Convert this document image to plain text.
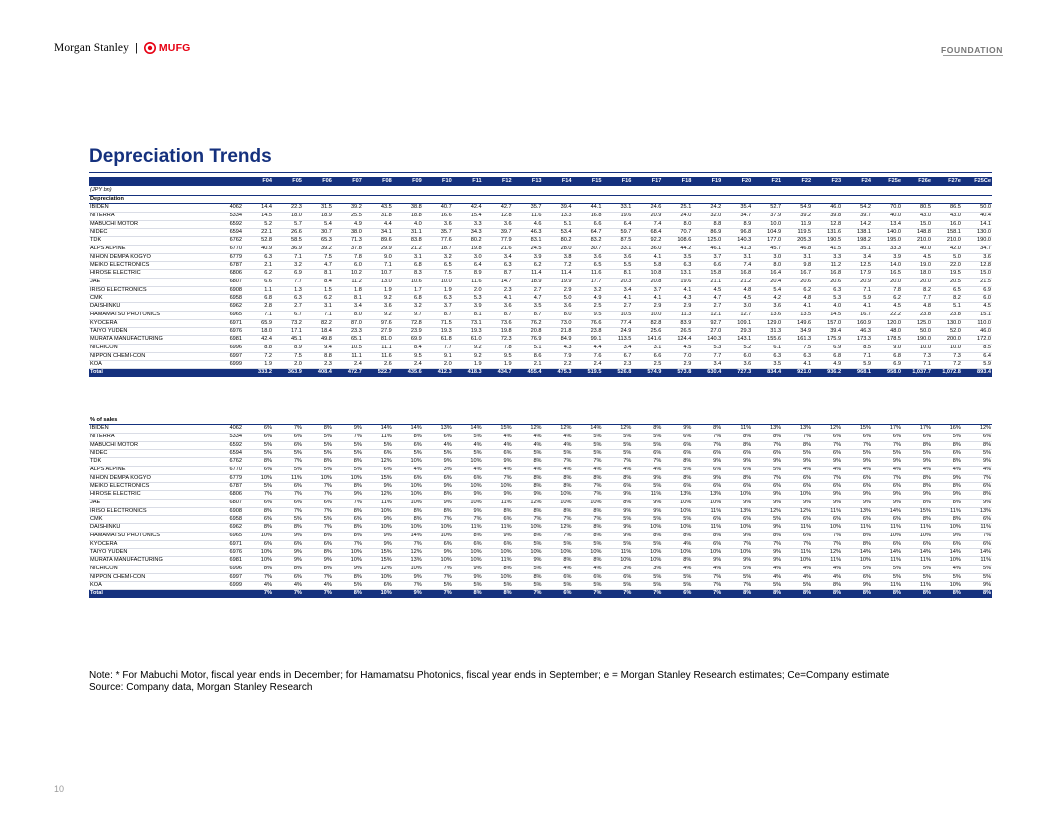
Morgan Stanley | MUFG	FOUNDATION
Depreciation Trends
		F04	F05	F06	F07	F08	F09	F10	F11	F12	F13	F14	F15	F16	F17	F18	F19	F20	F21	F22	F23	F24	F25e	F26e	F27e	F25Ce
(JPY bn)																										
Depreciation																										
IBIDEN	4062	14.4	22.3	31.5	39.2	43.5	38.8	40.7	42.4	42.7	35.7	39.4	44.1	33.1	24.6	25.1	24.2	35.4	52.7	54.9	46.0	54.2	70.0	80.5	86.5	50.0
NITERRA	5334	14.5	18.0	18.9	25.5	31.8	18.8	16.6	15.4	12.8	11.6	13.3	16.8	19.6	20.9	24.0	32.0	34.7	37.9	39.2	39.8	39.7	40.0	43.0	43.0	40.4
MABUCHI MOTOR	6592	5.2	5.7	5.4	4.9	4.4	4.0	3.6	3.3	3.6	4.6	5.1	6.6	6.4	7.4	8.0	8.8	8.9	10.0	11.9	12.8	14.2	13.4	15.0	16.0	14.1
NIDEC	6594	22.1	26.6	30.7	38.0	34.1	31.1	35.7	34.3	39.7	46.3	53.4	64.7	59.7	68.4	70.7	86.9	96.8	104.9	119.5	131.6	138.1	140.0	148.8	158.1	130.0
TDK	6762	52.8	58.5	65.3	71.3	89.6	83.8	77.6	80.2	77.9	83.1	80.2	83.2	87.5	92.2	108.6	125.0	140.3	177.0	205.3	190.5	198.2	195.0	210.0	210.0	190.0
ALPS ALPINE	6770	40.9	36.9	39.2	37.8	29.9	21.2	18.7	19.8	21.6	24.5	28.0	30.7	33.1	36.0	44.2	46.1	41.3	45.7	46.8	41.5	35.1	33.3	40.0	42.0	34.7
NIHON DEMPA KOGYO	6779	6.3	7.1	7.5	7.8	9.0	3.1	3.2	3.0	3.4	3.9	3.8	3.6	3.6	4.1	3.5	3.7	3.1	3.0	3.1	3.3	3.4	3.9	4.5	5.0	3.6
MEIKO ELECTRONICS	6787	2.1	3.2	4.7	6.0	7.1	6.8	6.5	6.4	6.3	6.2	7.2	6.5	5.5	5.8	6.3	6.6	7.4	8.0	9.8	11.2	12.5	14.0	19.0	22.0	12.8
HIROSE ELECTRIC	6806	6.2	6.9	8.1	10.2	10.7	8.3	7.5	8.9	8.7	11.4	11.4	11.6	8.1	10.8	13.1	15.8	16.8	16.4	16.7	16.8	17.9	16.5	18.0	19.5	15.0
JAE	6807	6.6	7.7	8.4	11.2	13.0	10.6	10.0	11.6	14.7	18.9	19.9	17.7	20.3	20.8	19.6	21.1	21.2	20.4	20.6	20.6	20.9	20.0	20.0	20.5	21.5
IRISO ELECTRONICS	6908	1.1	1.3	1.5	1.8	1.9	1.7	1.9	2.0	2.3	2.7	2.9	3.2	3.4	3.7	4.1	4.5	4.8	5.4	6.2	6.3	7.1	7.8	8.2	6.5	6.9
CMK	6958	6.8	6.3	6.2	8.1	9.2	6.8	6.3	5.3	4.1	4.7	5.0	4.9	4.1	4.1	4.3	4.7	4.5	4.2	4.8	5.3	5.9	6.2	7.7	8.2	6.0
DAISHINKU	6962	2.8	2.7	3.1	3.4	3.6	3.2	3.7	3.9	3.6	3.5	3.6	2.5	2.7	2.9	2.9	2.7	3.0	3.6	4.1	4.0	4.1	4.5	4.8	5.1	4.5
HAMAMATSU PHOTONICS	6965	7.1	6.7	7.1	8.0	9.2	9.7	8.7	8.1	8.7	8.7	8.0	9.5	10.5	10.0	11.3	12.1	12.7	13.6	13.5	14.5	16.7	22.2	23.8	23.8	15.1
KYOCERA	6971	65.9	73.2	82.2	87.0	97.6	72.8	71.5	73.1	73.6	76.2	73.0	76.6	77.4	82.8	83.9	92.7	109.1	129.0	149.6	157.0	160.9	120.0	125.0	130.0	110.0
TAIYO YUDEN	6976	18.0	17.1	18.4	23.3	27.9	23.9	19.3	19.3	19.8	20.8	21.8	23.8	24.9	25.6	26.5	27.0	29.3	31.3	34.9	39.4	46.3	48.0	50.0	52.0	46.0
MURATA MANUFACTURING	6981	42.4	45.1	49.8	65.1	81.0	69.9	61.8	61.0	72.3	76.9	84.9	99.1	113.5	141.6	124.4	140.3	143.1	155.6	161.3	175.9	173.3	178.5	190.0	200.0	172.0
NICHICON	6996	8.8	8.9	9.4	10.5	11.1	8.4	7.7	9.2	7.8	5.1	4.3	4.4	3.4	3.1	4.5	5.3	5.2	6.1	7.5	6.9	8.5	9.0	10.0	10.0	8.5
NIPPON CHEMI-CON	6997	7.2	7.5	8.8	11.1	11.6	9.5	9.1	9.2	9.5	8.6	7.9	7.6	6.7	6.6	7.0	7.7	6.0	6.3	6.3	6.8	7.1	6.8	7.3	7.3	6.4
KOA	6999	1.9	2.0	2.3	2.4	2.6	2.4	2.0	1.9	1.9	2.1	2.2	2.4	2.3	2.5	2.9	3.4	3.6	3.5	4.1	4.9	5.9	6.9	7.1	7.2	5.9
Total		333.2	363.9	408.4	472.7	522.7	435.6	412.3	418.3	434.7	455.4	475.3	519.5	526.8	574.9	573.8	630.4	727.3	834.4	921.0	936.2	968.1	958.0	1,037.7	1,072.8	893.4
% of sales																										
IBIDEN	4062	6%	7%	8%	9%	14%	14%	13%	14%	15%	12%	12%	14%	12%	8%	9%	8%	11%	13%	13%	12%	15%	17%	17%	16%	12%
NITERRA	5334	6%	6%	5%	7%	11%	8%	6%	5%	4%	4%	4%	5%	5%	5%	6%	7%	8%	8%	7%	6%	6%	6%	6%	5%	6%
MABUCHI MOTOR	6592	5%	6%	5%	5%	5%	6%	4%	4%	4%	4%	4%	5%	5%	5%	6%	7%	8%	7%	8%	7%	7%	7%	8%	8%	8%
NIDEC	6594	5%	5%	5%	5%	6%	5%	5%	5%	6%	5%	5%	5%	5%	6%	6%	6%	6%	6%	5%	6%	5%	5%	5%	6%	5%
TDK	6762	8%	7%	8%	8%	12%	10%	9%	10%	9%	8%	7%	7%	7%	7%	8%	9%	9%	9%	9%	9%	9%	9%	9%	8%	9%
ALPS ALPINE	6770	6%	5%	5%	5%	6%	4%	3%	4%	4%	4%	4%	4%	4%	4%	5%	6%	6%	5%	4%	4%	4%	4%	4%	4%	4%
NIHON DEMPA KOGYO	6779	10%	11%	10%	10%	15%	6%	6%	6%	7%	8%	8%	8%	8%	9%	8%	9%	8%	7%	6%	7%	6%	7%	8%	9%	7%
MEIKO ELECTRONICS	6787	5%	6%	7%	8%	9%	10%	9%	10%	10%	8%	8%	7%	6%	5%	6%	6%	6%	6%	6%	6%	6%	6%	8%	8%	6%
HIROSE ELECTRIC	6806	7%	7%	7%	9%	12%	10%	8%	9%	9%	9%	10%	7%	9%	11%	13%	13%	10%	9%	10%	9%	9%	9%	9%	9%	8%
JAE	6807	6%	6%	6%	7%	11%	10%	9%	10%	11%	12%	10%	10%	8%	9%	10%	10%	9%	9%	9%	9%	9%	9%	8%	8%	9%
IRISO ELECTRONICS	6908	8%	7%	7%	8%	10%	8%	8%	9%	8%	8%	8%	8%	9%	9%	10%	11%	13%	12%	12%	11%	13%	14%	15%	11%	13%
CMK	6958	6%	5%	5%	6%	9%	8%	7%	7%	6%	7%	7%	7%	5%	5%	5%	6%	6%	5%	6%	6%	6%	6%	8%	8%	6%
DAISHINKU	6962	8%	8%	7%	8%	10%	10%	10%	11%	11%	10%	12%	8%	9%	10%	10%	11%	10%	9%	11%	10%	11%	11%	11%	10%	11%
HAMAMATSU PHOTONICS	6965	10%	9%	8%	8%	9%	14%	10%	8%	9%	8%	7%	8%	9%	8%	8%	8%	9%	8%	6%	7%	8%	10%	10%	9%	7%
KYOCERA	6971	6%	6%	6%	7%	9%	7%	6%	6%	6%	5%	5%	5%	5%	5%	4%	6%	7%	7%	7%	7%	8%	6%	6%	6%	6%
TAIYO YUDEN	6976	10%	9%	8%	10%	15%	12%	9%	10%	10%	10%	10%	10%	11%	10%	10%	10%	10%	9%	11%	12%	14%	14%	14%	14%	14%
MURATA MANUFACTURING	6981	10%	9%	9%	10%	15%	13%	10%	10%	11%	9%	8%	8%	10%	10%	8%	9%	9%	9%	10%	11%	10%	11%	11%	10%	11%
NICHICON	6996	8%	8%	8%	9%	12%	10%	7%	9%	8%	5%	4%	4%	3%	3%	4%	4%	5%	4%	4%	4%	5%	5%	5%	4%	5%
NIPPON CHEMI-CON	6997	7%	6%	7%	8%	10%	9%	7%	9%	10%	8%	6%	6%	6%	5%	5%	7%	5%	4%	4%	4%	6%	5%	5%	5%	5%
KOA	6999	4%	4%	4%	5%	6%	7%	5%	5%	5%	5%	5%	5%	5%	5%	5%	7%	7%	5%	5%	8%	9%	11%	11%	10%	9%
Total		7%	7%	7%	8%	10%	9%	7%	8%	8%	7%	6%	7%	7%	7%	6%	7%	8%	8%	8%	8%	8%	8%	8%	8%	8%
Note: * For Mabuchi Motor, fiscal year ends in December; for Hamamatsu Photonics, fiscal year ends in September; e = Morgan Stanley Research estimates; Ce=Company estimate
Source: Company data, Morgan Stanley Research
10
